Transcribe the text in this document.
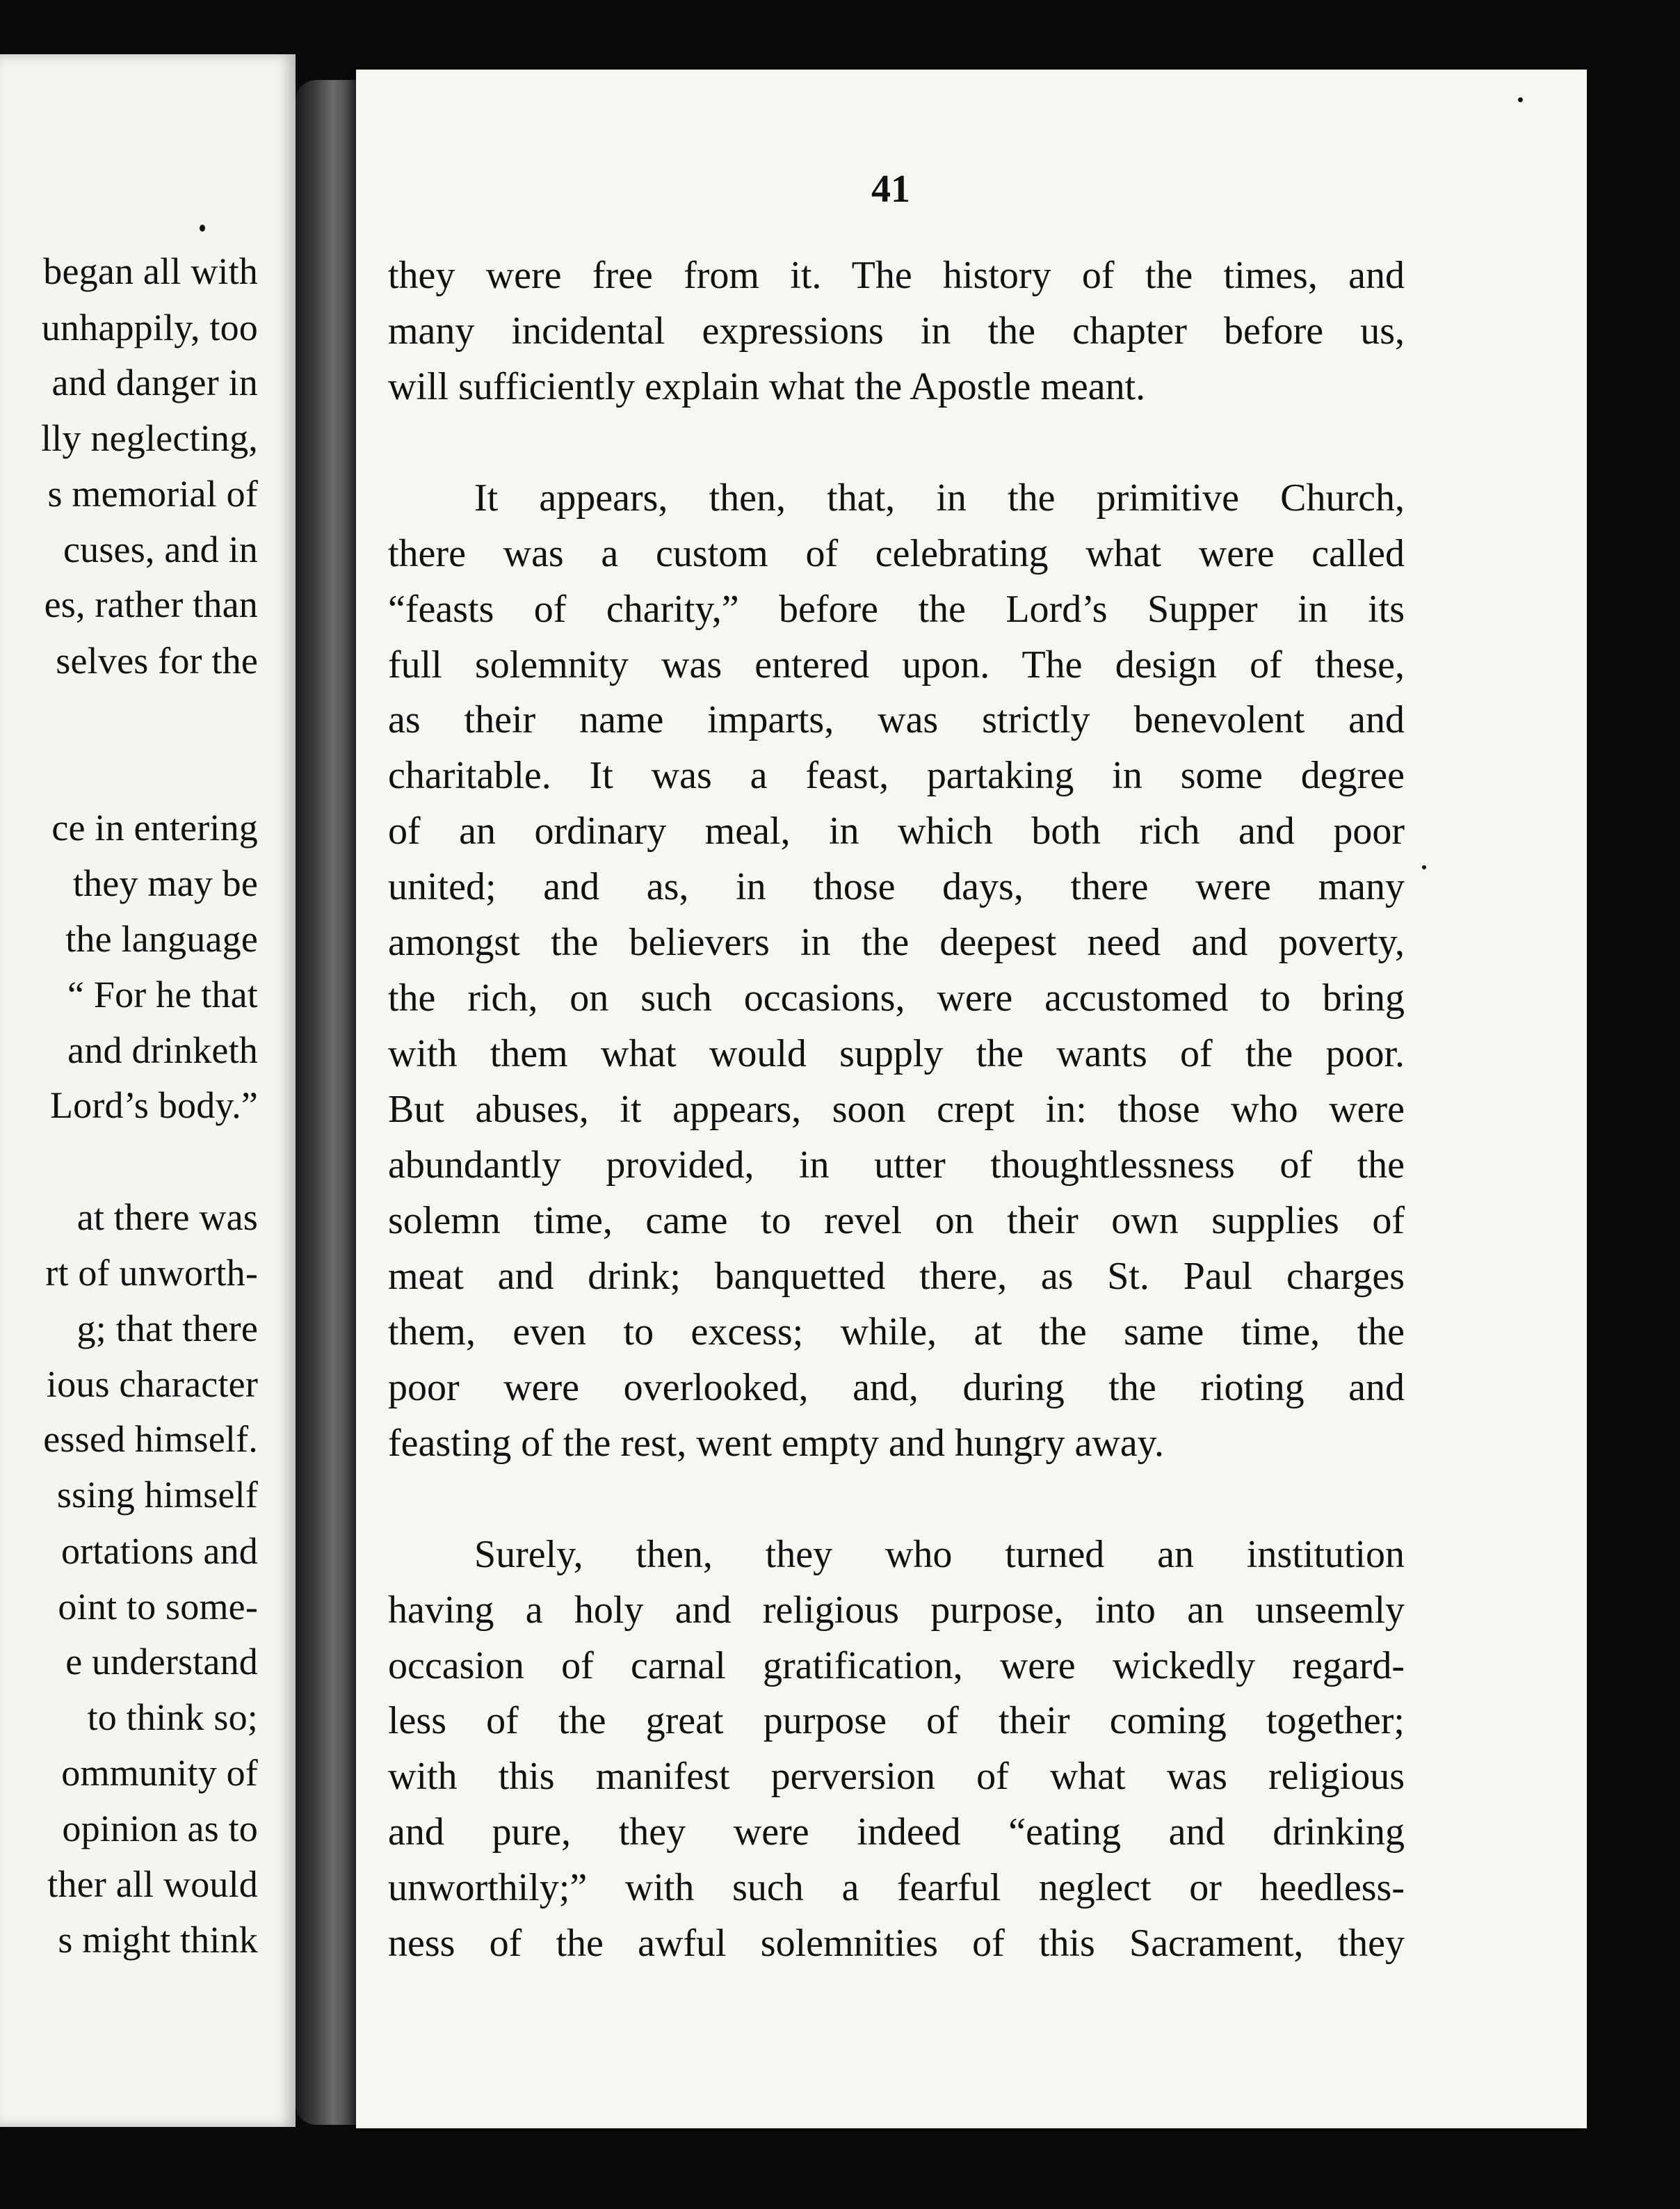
began all with
unhappily, too
and danger in
lly neglecting,
s memorial of
cuses, and in
es, rather than
selves for the
ce in entering
they may be
the language
“ For he that
and drinketh
Lord’s body.”
at there was
rt of unworth-
g; that there
ious character
essed himself.
ssing himself
ortations and
oint to some-
e understand
to think so;
ommunity of
opinion as to
ther all would
s might think
41
they were free from it. The history of the times, and
many incidental expressions in the chapter before us,
will sufficiently explain what the Apostle meant.
It appears, then, that, in the primitive Church,
there was a custom of celebrating what were called
“feasts of charity,” before the Lord’s Supper in its
full solemnity was entered upon. The design of these,
as their name imparts, was strictly benevolent and
charitable. It was a feast, partaking in some degree
of an ordinary meal, in which both rich and poor
united; and as, in those days, there were many
amongst the believers in the deepest need and poverty,
the rich, on such occasions, were accustomed to bring
with them what would supply the wants of the poor.
But abuses, it appears, soon crept in: those who were
abundantly provided, in utter thoughtlessness of the
solemn time, came to revel on their own supplies of
meat and drink; banquetted there, as St. Paul charges
them, even to excess; while, at the same time, the
poor were overlooked, and, during the rioting and
feasting of the rest, went empty and hungry away.
Surely, then, they who turned an institution
having a holy and religious purpose, into an unseemly
occasion of carnal gratification, were wickedly regard-
less of the great purpose of their coming together;
with this manifest perversion of what was religious
and pure, they were indeed “eating and drinking
unworthily;” with such a fearful neglect or heedless-
ness of the awful solemnities of this Sacrament, they
